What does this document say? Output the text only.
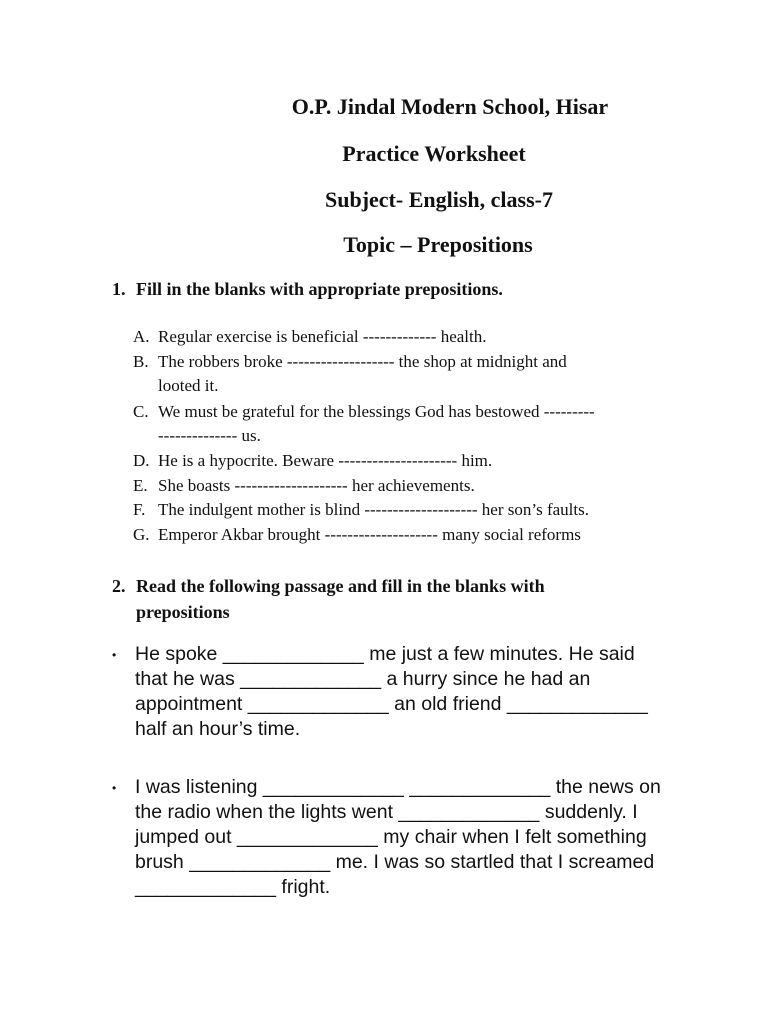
O.P. Jindal Modern School, Hisar
Practice Worksheet
Subject- English, class-7
Topic – Prepositions
1. Fill in the blanks with appropriate prepositions.
A. Regular exercise is beneficial ------------- health.
B. The robbers broke ------------------- the shop at midnight and
looted it.
C. We must be grateful for the blessings God has bestowed ---------
-------------- us.
D. He is a hypocrite. Beware --------------------- him.
E. She boasts -------------------- her achievements.
F. The indulgent mother is blind -------------------- her son’s faults.
G. Emperor Akbar brought -------------------- many social reforms
2. Read the following passage and fill in the blanks with
prepositions
• He spoke _____________ me just a few minutes. He said
that he was _____________ a hurry since he had an
appointment _____________ an old friend _____________
half an hour’s time.
• I was listening _____________ _____________ the news on
the radio when the lights went _____________ suddenly. I
jumped out _____________ my chair when I felt something
brush _____________ me. I was so startled that I screamed
_____________ fright.
